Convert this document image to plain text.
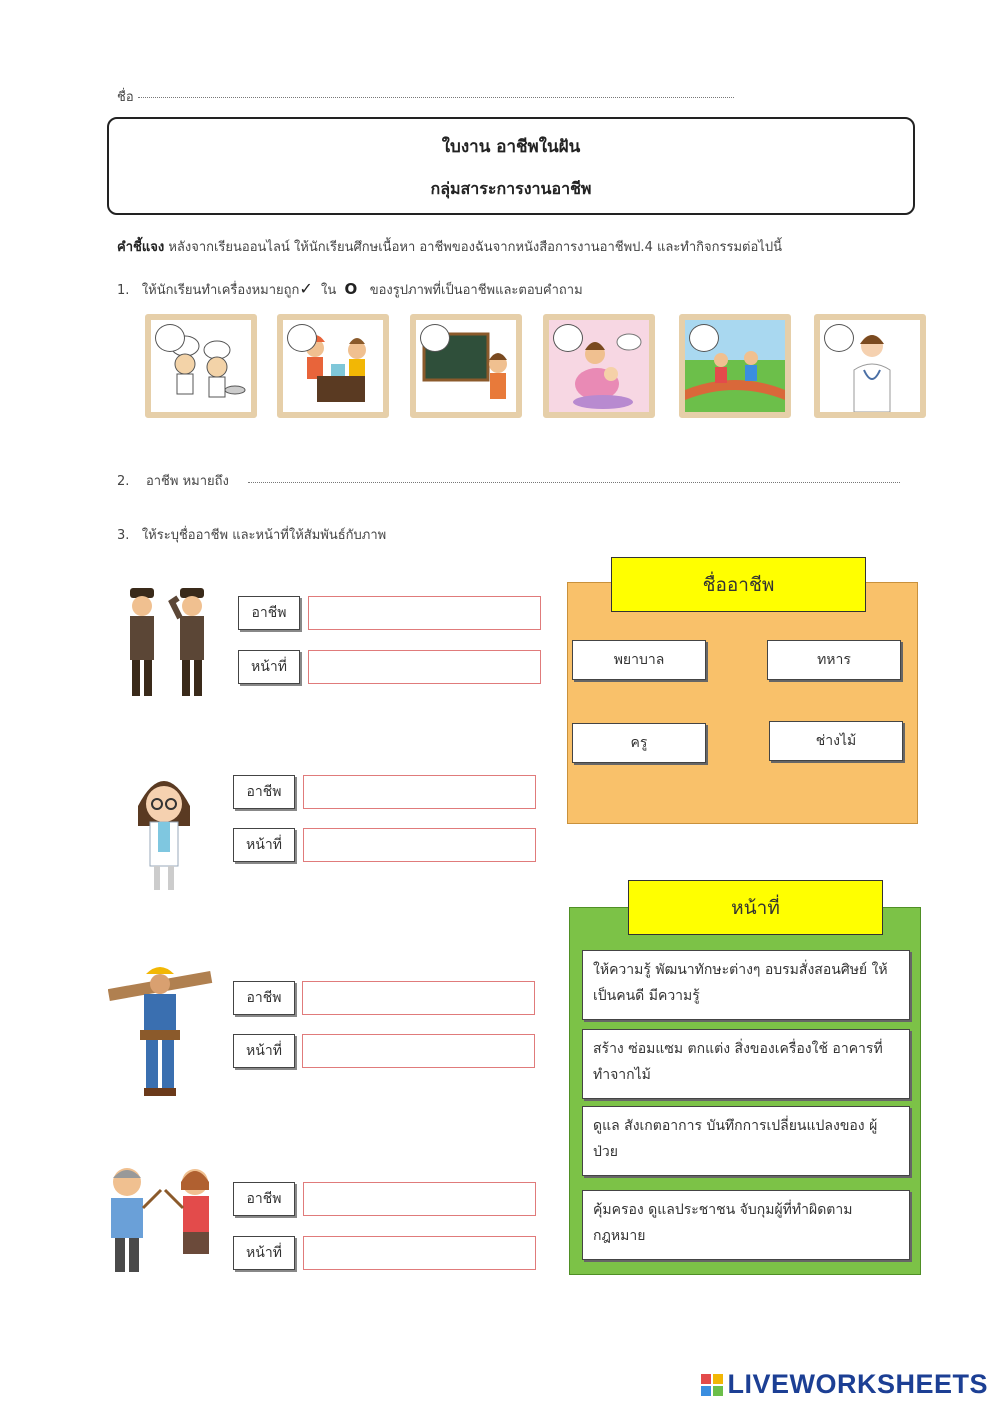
ชื่อ
ใบงาน อาชีพในฝัน
กลุ่มสาระการงานอาชีพ
คำชี้แจง หลังจากเรียนออนไลน์ ให้นักเรียนศึกษเนื้อหา อาชีพของฉันจากหนังสือการงานอาชีพป.4 และทำกิจกรรมต่อไปนี้
1. ให้นักเรียนทำเครื่องหมายถูก✓ ใน O ของรูปภาพที่เป็นอาชีพและตอบคำถาม
2. อาชีพ หมายถึง
3. ให้ระบุชื่ออาชีพ และหน้าที่ให้สัมพันธ์กับภาพ
อาชีพ
หน้าที่
อาชีพ
หน้าที่
อาชีพ
หน้าที่
อาชีพ
หน้าที่
ชื่ออาชีพ
พยาบาล	ทหาร
ครู	ช่างไม้
หน้าที่
ให้ความรู้ พัฒนาทักษะต่างๆ อบรมสั่งสอนศิษย์ ให้เป็นคนดี มีความรู้
สร้าง ซ่อมแซม ตกแต่ง สิ่งของเครื่องใช้ อาคารที่ทำจากไม้
ดูแล สังเกตอาการ บันทึกการเปลี่ยนแปลงของ ผู้ป่วย
คุ้มครอง ดูแลประชาชน จับกุมผู้ที่ทำผิดตาม กฎหมาย
LIVEWORKSHEETS
